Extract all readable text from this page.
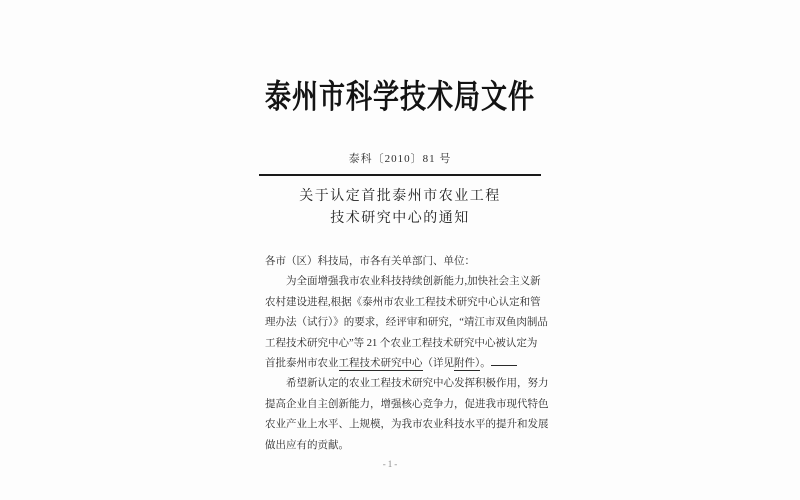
泰州市科学技术局文件
泰科〔2010〕81 号
关于认定首批泰州市农业工程
技术研究中心的通知
各市（区）科技局，市各有关单部门、单位：
为全面增强我市农业科技持续创新能力,加快社会主义新
农村建设进程,根据《泰州市农业工程技术研究中心认定和管
理办法（试行）》的要求，经评审和研究，“靖江市双鱼肉制品
工程技术研究中心”等 21 个农业工程技术研究中心被认定为
首批泰州市农业工程技术研究中心（详见附件）。
希望新认定的农业工程技术研究中心发挥积极作用，努力
提高企业自主创新能力，增强核心竞争力，促进我市现代特色
农业产业上水平、上规模，为我市农业科技水平的提升和发展
做出应有的贡献。
-1-
